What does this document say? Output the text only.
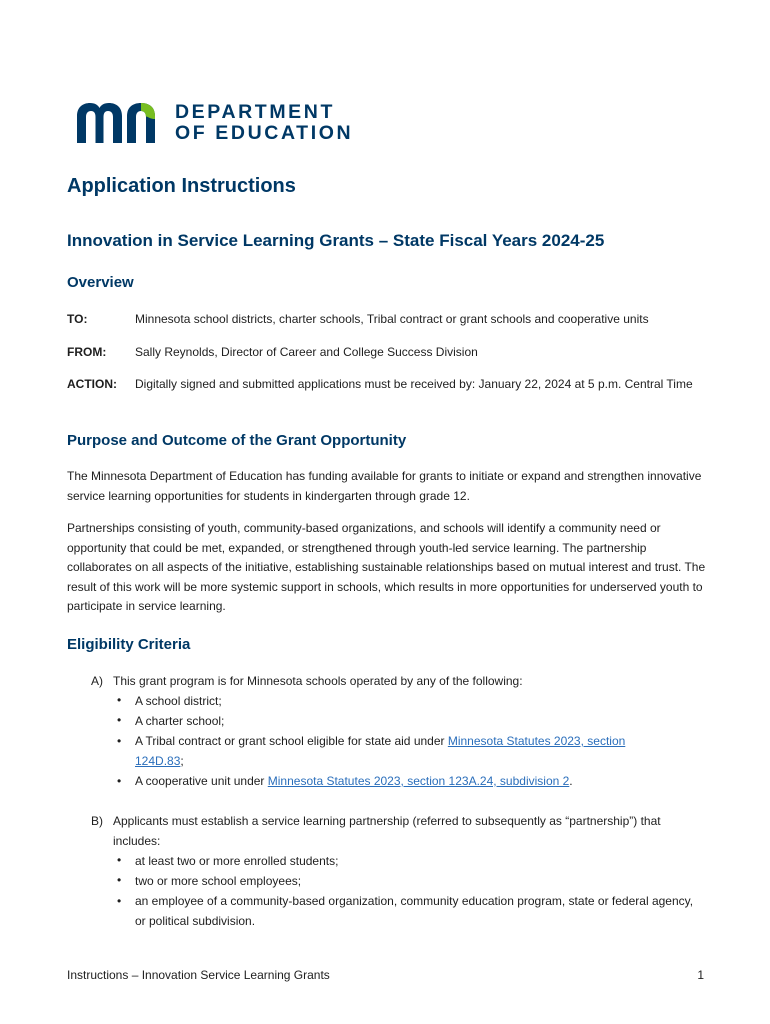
DEPARTMENT
OF EDUCATION
Application Instructions
Innovation in Service Learning Grants – State Fiscal Years 2024-25
Overview
TO:	Minnesota school districts, charter schools, Tribal contract or grant schools and cooperative units
FROM: Sally Reynolds, Director of Career and College Success Division
ACTION: Digitally signed and submitted applications must be received by: January 22, 2024 at 5 p.m. Central Time
Purpose and Outcome of the Grant Opportunity
The Minnesota Department of Education has funding available for grants to initiate or expand and strengthen innovative service learning opportunities for students in kindergarten through grade 12.
Partnerships consisting of youth, community-based organizations, and schools will identify a community need or opportunity that could be met, expanded, or strengthened through youth-led service learning. The partnership collaborates on all aspects of the initiative, establishing sustainable relationships based on mutual interest and trust. The result of this work will be more systemic support in schools, which results in more opportunities for underserved youth to participate in service learning.
Eligibility Criteria
A) This grant program is for Minnesota schools operated by any of the following:
• A school district;
• A charter school;
• A Tribal contract or grant school eligible for state aid under Minnesota Statutes 2023, section 124D.83;
• A cooperative unit under Minnesota Statutes 2023, section 123A.24, subdivision 2.
B) Applicants must establish a service learning partnership (referred to subsequently as “partnership”) that includes:
• at least two or more enrolled students;
• two or more school employees;
• an employee of a community-based organization, community education program, state or federal agency, or political subdivision.
Instructions – Innovation Service Learning Grants	1
